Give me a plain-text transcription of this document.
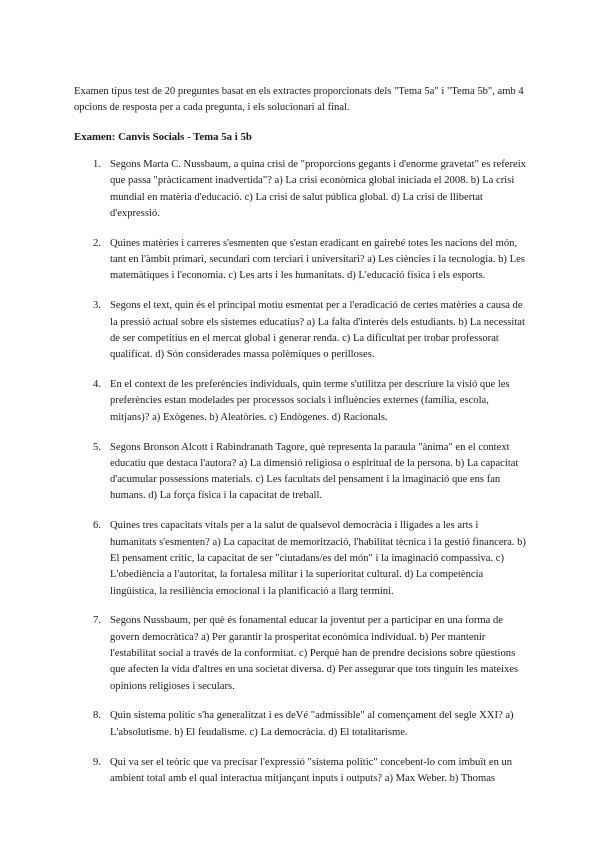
Examen tipus test de 20 preguntes basat en els extractes proporcionats dels "Tema 5a" i "Tema 5b", amb 4 opcions de resposta per a cada pregunta, i els solucionari al final.

Examen: Canvis Socials - Tema 5a i 5b

1. Segons Marta C. Nussbaum, a quina crisi de "proporcions gegants i d'enorme gravetat" es refereix que passa "pràcticament inadvertida"? a) La crisi econòmica global iniciada el 2008. b) La crisi mundial en matèria d'educació. c) La crisi de salut pública global. d) La crisi de llibertat d'expressió.
2. Quines matèries i carreres s'esmenten que s'estan eradicant en gairebé totes les nacions del món, tant en l'àmbit primari, secundari com terciari i universitari? a) Les ciències i la tecnologia. b) Les matemàtiques i l'economia. c) Les arts i les humanitats. d) L'educació física i els esports.
3. Segons el text, quin és el principal motiu esmentat per a l'eradicació de certes matèries a causa de la pressió actual sobre els sistemes educatius? a) La falta d'interès dels estudiants. b) La necessitat de ser competitius en el mercat global i generar renda. c) La dificultat per trobar professorat qualificat. d) Són considerades massa polèmiques o perilloses.
4. En el context de les preferències individuals, quin terme s'utilitza per descriure la visió que les preferències estan modelades per processos socials i influències externes (família, escola, mitjans)? a) Exògenes. b) Aleatòries. c) Endògenes. d) Racionals.
5. Segons Bronson Alcott i Rabindranath Tagore, què representa la paraula "ànima" en el context educatiu que destaca l'autora? a) La dimensió religiosa o espiritual de la persona. b) La capacitat d'acumular possessions materials. c) Les facultats del pensament i la imaginació que ens fan humans. d) La força física i la capacitat de treball.
6. Quines tres capacitats vitals per a la salut de qualsevol democràcia i lligades a les arts i humanitats s'esmenten? a) La capacitat de memorització, l'habilitat tècnica i la gestió financera. b) El pensament crític, la capacitat de ser "ciutadans/es del món" i la imaginació compassiva. c) L'obediència a l'autoritat, la fortalesa militar i la superioritat cultural. d) La competència lingüística, la resiliència emocional i la planificació a llarg termini.
7. Segons Nussbaum, per què és fonamental educar la joventut per a participar en una forma de govern democràtica? a) Per garantir la prosperitat econòmica individual. b) Per mantenir l'estabilitat social a través de la conformitat. c) Perquè han de prendre decisions sobre qüestions que afecten la vida d'altres en una societat diversa. d) Per assegurar que tots tinguin les mateixes opinions religioses i seculars.
8. Quin sistema polític s'ha generalitzat i es deVé "admissible" al començament del segle XXI? a) L'absolutisme. b) El feudalisme. c) La democràcia. d) El totalitarisme.
9. Qui va ser el teòric que va precisar l'expressió "sistema polític" concebent-lo com imbuït en un ambient total amb el qual interactua mitjançant inputs i outputs? a) Max Weber. b) Thomas
